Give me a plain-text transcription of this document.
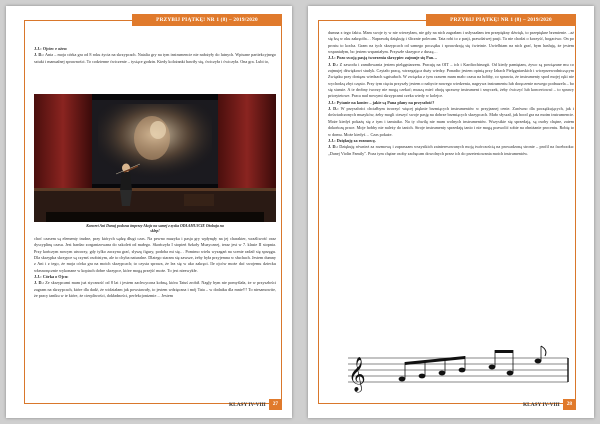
PRZYBIJ PIĄTKĘ! NR 1 (8) – 2019/2020

J.J.: Ojciec e ożeo:

J. D.: Ania – moja córka gra od 8 roku życia na skrzypcach. Natalia gry na tym instrumencie nie nałożyły do lutnych. Wpisane partiekcyjnego sztuki i manualnej sprawności. To codzienne ćwiczenie – tysiące godzin. Kiedy kolożanki bawiły się, ćwiczyła i ćwiczyła. Ona gra. Lubi to,

Koncert Ani Danuj podczas imprezy Akcja na samej z zyska ODŁAMUJCIE Ożobaja na sklep!

choć czasem są elementy trudne, przy których sądzę długi czas. Na pewno muzyka i pasja gry wpłynęły na jej charakter, wrażliwość oraz dyscyplinę czasu. Jest bardzo zorganizowana do szkoleń od małego. Skończyła I stopień Szkoły Muzycznej, teraz jest w 7. klasie II stopnia. Przy kończym nowym utworzy, gdy tylko zaczyna grać, słyszę figury, podoba mi się… Pomimo wielu wyzagań na scenie radził się sprzęgu. Dla skrzypka skrzypce są czymś osobistym, ale to chyba naturalne. Dlatego staram się zawsze, żeby była przyjemna w słuchach. Jestem dumny z Ani i z tego, że moja córka gra na moich skrzypcach; to czysta sprawa, że lea się w ako zakręci. Ile ojców może dać swojemu dziecku własnoręcznie wykonane w kopiach dobre skrzypce, które mogą przejść może. To jest niezwykłe.

J.J.: Córka o Ojcu:

J. D.: Ze skrzypcami mam już styczność od 8 lat i jestem zachwycona kobną, która Tatuś zrobił. Nagły bym nie pomyślała, że w przyszłości zagram na skrzypcach, które dla dadź, że widziałam jak powstawały, to jestem wdzięczna i mój Tata – w dodatku dla mnie!!! To niesamowite, że pracy taniku w te które, że cierpliwości, dokładności, perfekcjonizmie… Jestem

KLASY IV-VIII	27
PRZYBIJ PIĄTKĘ! NR 1 (8) – 2019/2020

dumna z tego faktu. Mam swoje ty w nie wierzyłam, nie gdy na nich zagrałam i usłyszałam ten przepiękny dźwięk, to przepiękne brzmienie…aż się łzą w oku zakręciła… Naprawdę dziękuję i ślicznie polecam. Tata robi to z pasji, prawdziwej pasji. Ta nie chodzi o korzyść, bogactwo. On po prostu to kocha. Gram na tych skrzypcach od samego początku i sprawdzają się ćwietnie. Uwielbiam na nich grać, bym hasłuję, że jestem wspaniałym, bo jestem wspaniałym. Przyszłe skrzypce z duszą…

J.J.: Pozo swoją pasją tworzenia skrzypiec zajmuje się Pan…

J. D.: Z zawodu i zamiłowania jestem pielęgniarzem. Pracuję na OIT – ich i Kardiochirurgii. Od kiedy pamiętam, żywo są powiązane mu co zajmujej dźwiękowi studyk. Czytało pracę, wtrzegająca duży wiedzy. Ponadto jestem opinią przy Izbach Pielęgniarskich i wiceprzewodniczącym Związku przy dostęzu wiedzach sąpisałach. W związku z tym czasem mam mało czasu na hobby, co sprawia, że instrumenty spod mojej ręki nie wychodzą zbyt często. Przy tym cięciu przyszły jestem o nabycie nowego wiedzenia, nagrywa instrumentu lub doręczenie nowego podnuzela – bo się staruie. A te drobny tworzy nie mogą czekać; muszą mieć oboję sprawny instrument i smyczek, żeby ćwiczyć lub koncertować – to sprawy priorytetowe. Praca nad nowymi skrzypcami czeka wtedy w kolejce.

J.J.: Pytanie na koniec – jakie są Pana plany na przyszłość?

J. D.: W przyszłości chciałbym tworzyć więcej pięknie brzmiących instrumentów w przyjaznej cenie. Zarówno dla początkujących, jak i doświadczonych muzyków, żeby mogli cieszyć swoje pasję na dobrze brzmiących skrzypcach. Mało słyszał, jak bood gra na moim instrumencie. Może kiedyś pokażę się z tym i tamtaiko. Na ty chwilę nie mam wolnych instrumentów. Wszystkie się sprzedają, są osoby chętne, zatem dokończę prace. Moje hobby nie należy do tanich. Stroje instrumenty sprzedaję tanio i nie mogą pozwolić sobie na obniżanie procentu. Robię to w domu. Może kiedyś… Czas pokaże.

J.J.: Dziękuję za rozmowę.

J. D.: Dziękuję również za rozmowę i zapraszam wszystkich zainteresowanych moją twórczością na prowadzoną stronie – profil na facebooku: „Danej Violin Family". Poza tym chętne osoby zachęcam dowolnych przez ich do przetestowania moich instrumentów.

𝄞
KLASY IV-VIII	28
